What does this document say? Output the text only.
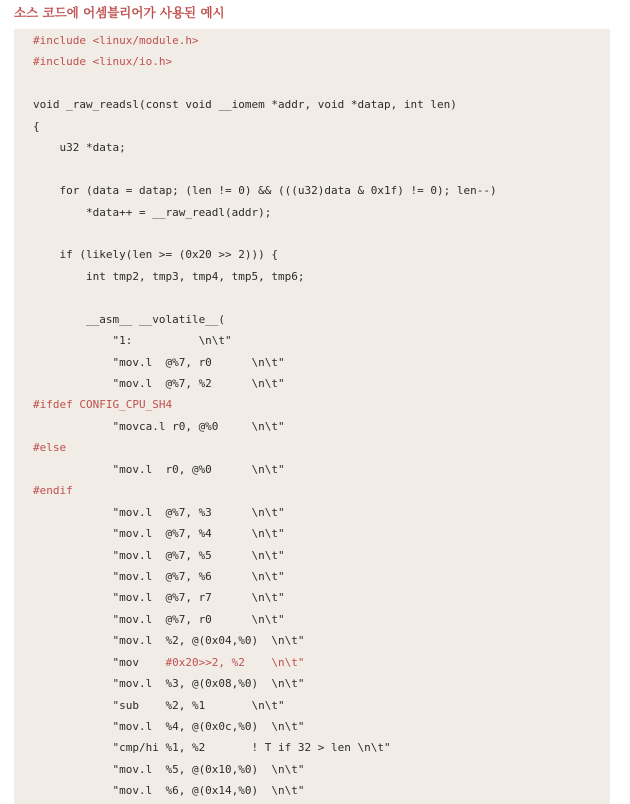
소스 코드에 어셈블리어가 사용된 예시
#include <linux/module.h>
#include <linux/io.h>
void _raw_readsl(const void __iomem *addr, void *datap, int len)
{
u32 *data;
for (data = datap; (len != 0) && (((u32)data & 0x1f) != 0); len--)
*data++ = __raw_readl(addr);
if (likely(len >= (0x20 >> 2))) {
int tmp2, tmp3, tmp4, tmp5, tmp6;
__asm__ __volatile__(
"1:          \n\t"
"mov.l  @%7, r0      \n\t"
"mov.l  @%7, %2      \n\t"
#ifdef CONFIG_CPU_SH4
"movca.l r0, @%0     \n\t"
#else
"mov.l  r0, @%0      \n\t"
#endif
"mov.l  @%7, %3      \n\t"
"mov.l  @%7, %4      \n\t"
"mov.l  @%7, %5      \n\t"
"mov.l  @%7, %6      \n\t"
"mov.l  @%7, r7      \n\t"
"mov.l  @%7, r0      \n\t"
"mov.l  %2, @(0x04,%0)  \n\t"
"mov    #0x20>>2, %2    \n\t"
"mov.l  %3, @(0x08,%0)  \n\t"
"sub    %2, %1       \n\t"
"mov.l  %4, @(0x0c,%0)  \n\t"
"cmp/hi %1, %2       ! T if 32 > len \n\t"
"mov.l  %5, @(0x10,%0)  \n\t"
"mov.l  %6, @(0x14,%0)  \n\t"
